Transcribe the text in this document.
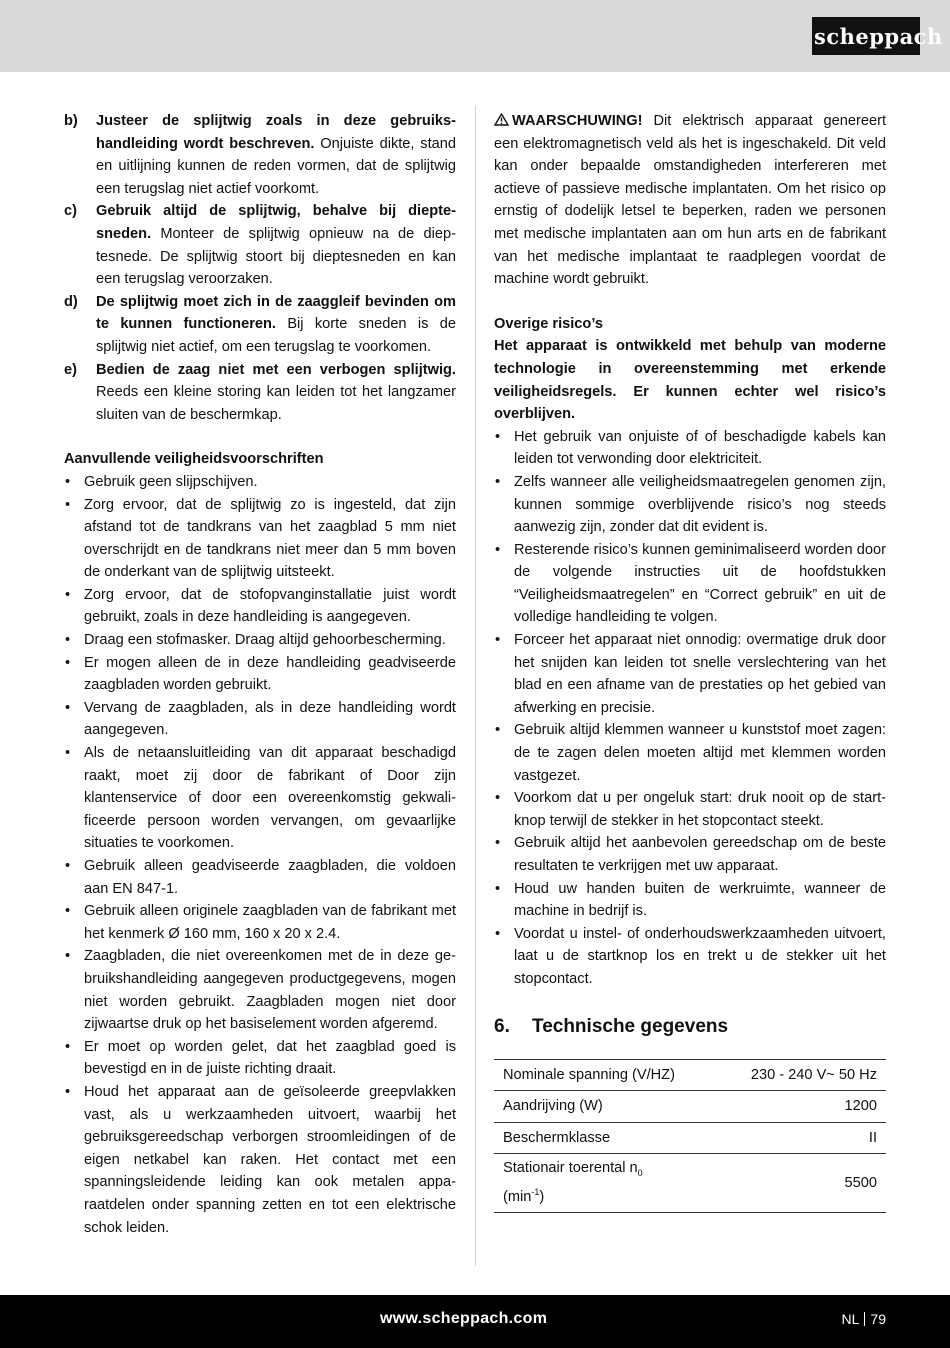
scheppach
b) Justeer de splijtwig zoals in deze gebruikshandleiding wordt beschreven. Onjuiste dikte, stand en uitlijning kunnen de reden vormen, dat de splijtwig een terugslag niet actief voorkomt.
c) Gebruik altijd de splijtwig, behalve bij dieptesneden. Monteer de splijtwig opnieuw na de dieptesnede. De splijtwig stoort bij dieptesneden en kan een terugslag veroorzaken.
d) De splijtwig moet zich in de zaaggleif bevinden om te kunnen functioneren. Bij korte sneden is de splijtwig niet actief, om een terugslag te voorkomen.
e) Bedien de zaag niet met een verbogen splijtwig. Reeds een kleine storing kan leiden tot het langzamer sluiten van de beschermkap.
Aanvullende veiligheidsvoorschriften
• Gebruik geen slijpschijven.
• Zorg ervoor, dat de splijtwig zo is ingesteld, dat zijn afstand tot de tandkrans van het zaagblad 5 mm niet overschrijdt en de tandkrans niet meer dan 5 mm boven de onderkant van de splijtwig uitsteekt.
• Zorg ervoor, dat de stofopvanginstallatie juist wordt gebruikt, zoals in deze handleiding is aangegeven.
• Draag een stofmasker. Draag altijd gehoorbescherming.
• Er mogen alleen de in deze handleiding geadviseerde zaagbladen worden gebruikt.
• Vervang de zaagbladen, als in deze handleiding wordt aangegeven.
• Als de netaansluitleiding van dit apparaat beschadigd raakt, moet zij door de fabrikant of Door zijn klantenservice of door een overeenkomstig gekwalificeerde persoon worden vervangen, om gevaarlijke situaties te voorkomen.
• Gebruik alleen geadviseerde zaagbladen, die voldoen aan EN 847-1.
• Gebruik alleen originele zaagbladen van de fabrikant met het kenmerk Ø 160 mm, 160 x 20 x 2.4.
• Zaagbladen, die niet overeenkomen met de in deze gebruikshandleiding aangegeven productgegevens, mogen niet worden gebruikt. Zaagbladen mogen niet door zijwaartse druk op het basiselement worden afgeremd.
• Er moet op worden gelet, dat het zaagblad goed is bevestigd en in de juiste richting draait.
• Houd het apparaat aan de geïsoleerde greepvlakken vast, als u werkzaamheden uitvoert, waarbij het gebruiksgereedschap verborgen stroomleidingen of de eigen netkabel kan raken. Het contact met een spanningsleidende leiding kan ook metalen apparaatdelen onder spanning zetten en tot een elektrische schok leiden.
WAARSCHUWING! Dit elektrisch apparaat genereert een elektromagnetisch veld als het is ingeschakeld. Dit veld kan onder bepaalde omstandigheden interfereren met actieve of passieve medische implantaten. Om het risico op ernstig of dodelijk letsel te beperken, raden we personen met medische implantaten aan om hun arts en de fabrikant van het medische implantaat te raadplegen voordat de machine wordt gebruikt.
Overige risico’s
Het apparaat is ontwikkeld met behulp van moderne technologie in overeenstemming met erkende veiligheidsregels. Er kunnen echter wel risico’s overblijven.
• Het gebruik van onjuiste of of beschadigde kabels kan leiden tot verwonding door elektriciteit.
• Zelfs wanneer alle veiligheidsmaatregelen genomen zijn, kunnen sommige overblijvende risico’s nog steeds aanwezig zijn, zonder dat dit evident is.
• Resterende risico’s kunnen geminimaliseerd worden door de volgende instructies uit de hoofdstukken “Veiligheidsmaatregelen” en “Correct gebruik” en uit de volledige handleiding te volgen.
• Forceer het apparaat niet onnodig: overmatige druk door het snijden kan leiden tot snelle verslechtering van het blad en een afname van de prestaties op het gebied van afwerking en precisie.
• Gebruik altijd klemmen wanneer u kunststof moet zagen: de te zagen delen moeten altijd met klemmen worden vastgezet.
• Voorkom dat u per ongeluk start: druk nooit op de start-knop terwijl de stekker in het stopcontact steekt.
• Gebruik altijd het aanbevolen gereedschap om de beste resultaten te verkrijgen met uw apparaat.
• Houd uw handen buiten de werkruimte, wanneer de machine in bedrijf is.
• Voordat u instel- of onderhoudswerkzaamheden uitvoert, laat u de startknop los en trekt u de stekker uit het stopcontact.
6. Technische gegevens
Nominale spanning (V/HZ)	230 - 240 V~ 50 Hz
Aandrijving (W)	1200
Beschermklasse	II
Stationair toerental $n_0$
$(\min^{-1})$	5500
www.scheppach.com	NL 79
